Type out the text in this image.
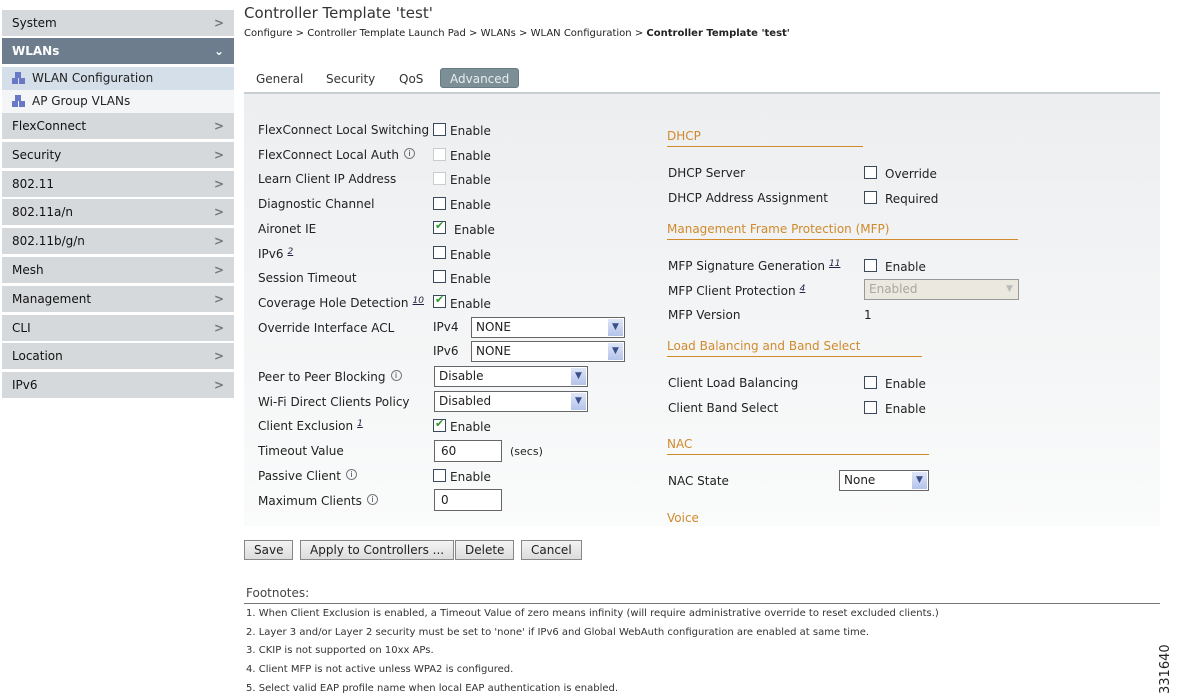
System	>
WLANs	⌄
WLAN Configuration
AP Group VLANs
FlexConnect	>
Security	>
802.11	>
802.11a/n	>
802.11b/g/n	>
Mesh	>
Management	>
CLI	>
Location	>
IPv6	>
Controller Template 'test'
Configure > Controller Template Launch Pad > WLANs > WLAN Configuration > Controller Template 'test'
General Security QoS	Advanced
FlexConnect Local Switching Enable
FlexConnect Local Auth i	Enable
Learn Client IP Address	Enable
Diagnostic Channel	Enable
Aironet IE ✔	Enable
IPv6 $^2$	Enable
Session Timeout	Enable
Coverage Hole Detection $^{10}$ ✔ Enable
Override Interface ACL	IPv4	NONE	▼
IPv6	NONE	▼
Peer to Peer Blocking i	Disable	▼
Wi-Fi Direct Clients Policy	Disabled	▼
Client Exclusion $^1$ ✔	Enable
Timeout Value	60	(secs)
Passive Client i	Enable
Maximum Clients i	0
DHCP
DHCP Server	Override
DHCP Address Assignment	Required
Management Frame Protection (MFP)
MFP Signature Generation $^{11}$	Enable
MFP Client Protection $^4$	Enabled	▼
MFP Version	1
Load Balancing and Band Select
Client Load Balancing	Enable
Client Band Select	Enable
NAC
NAC State	None	▼
Voice
Save	Apply to Controllers ...	Delete	Cancel
Footnotes:
1. When Client Exclusion is enabled, a Timeout Value of zero means infinity (will require administrative override to reset excluded clients.)
2. Layer 3 and/or Layer 2 security must be set to 'none' if IPv6 and Global WebAuth configuration are enabled at same time.
3. CKIP is not supported on 10xx APs.
4. Client MFP is not active unless WPA2 is configured.
5. Select valid EAP profile name when local EAP authentication is enabled.	331640
